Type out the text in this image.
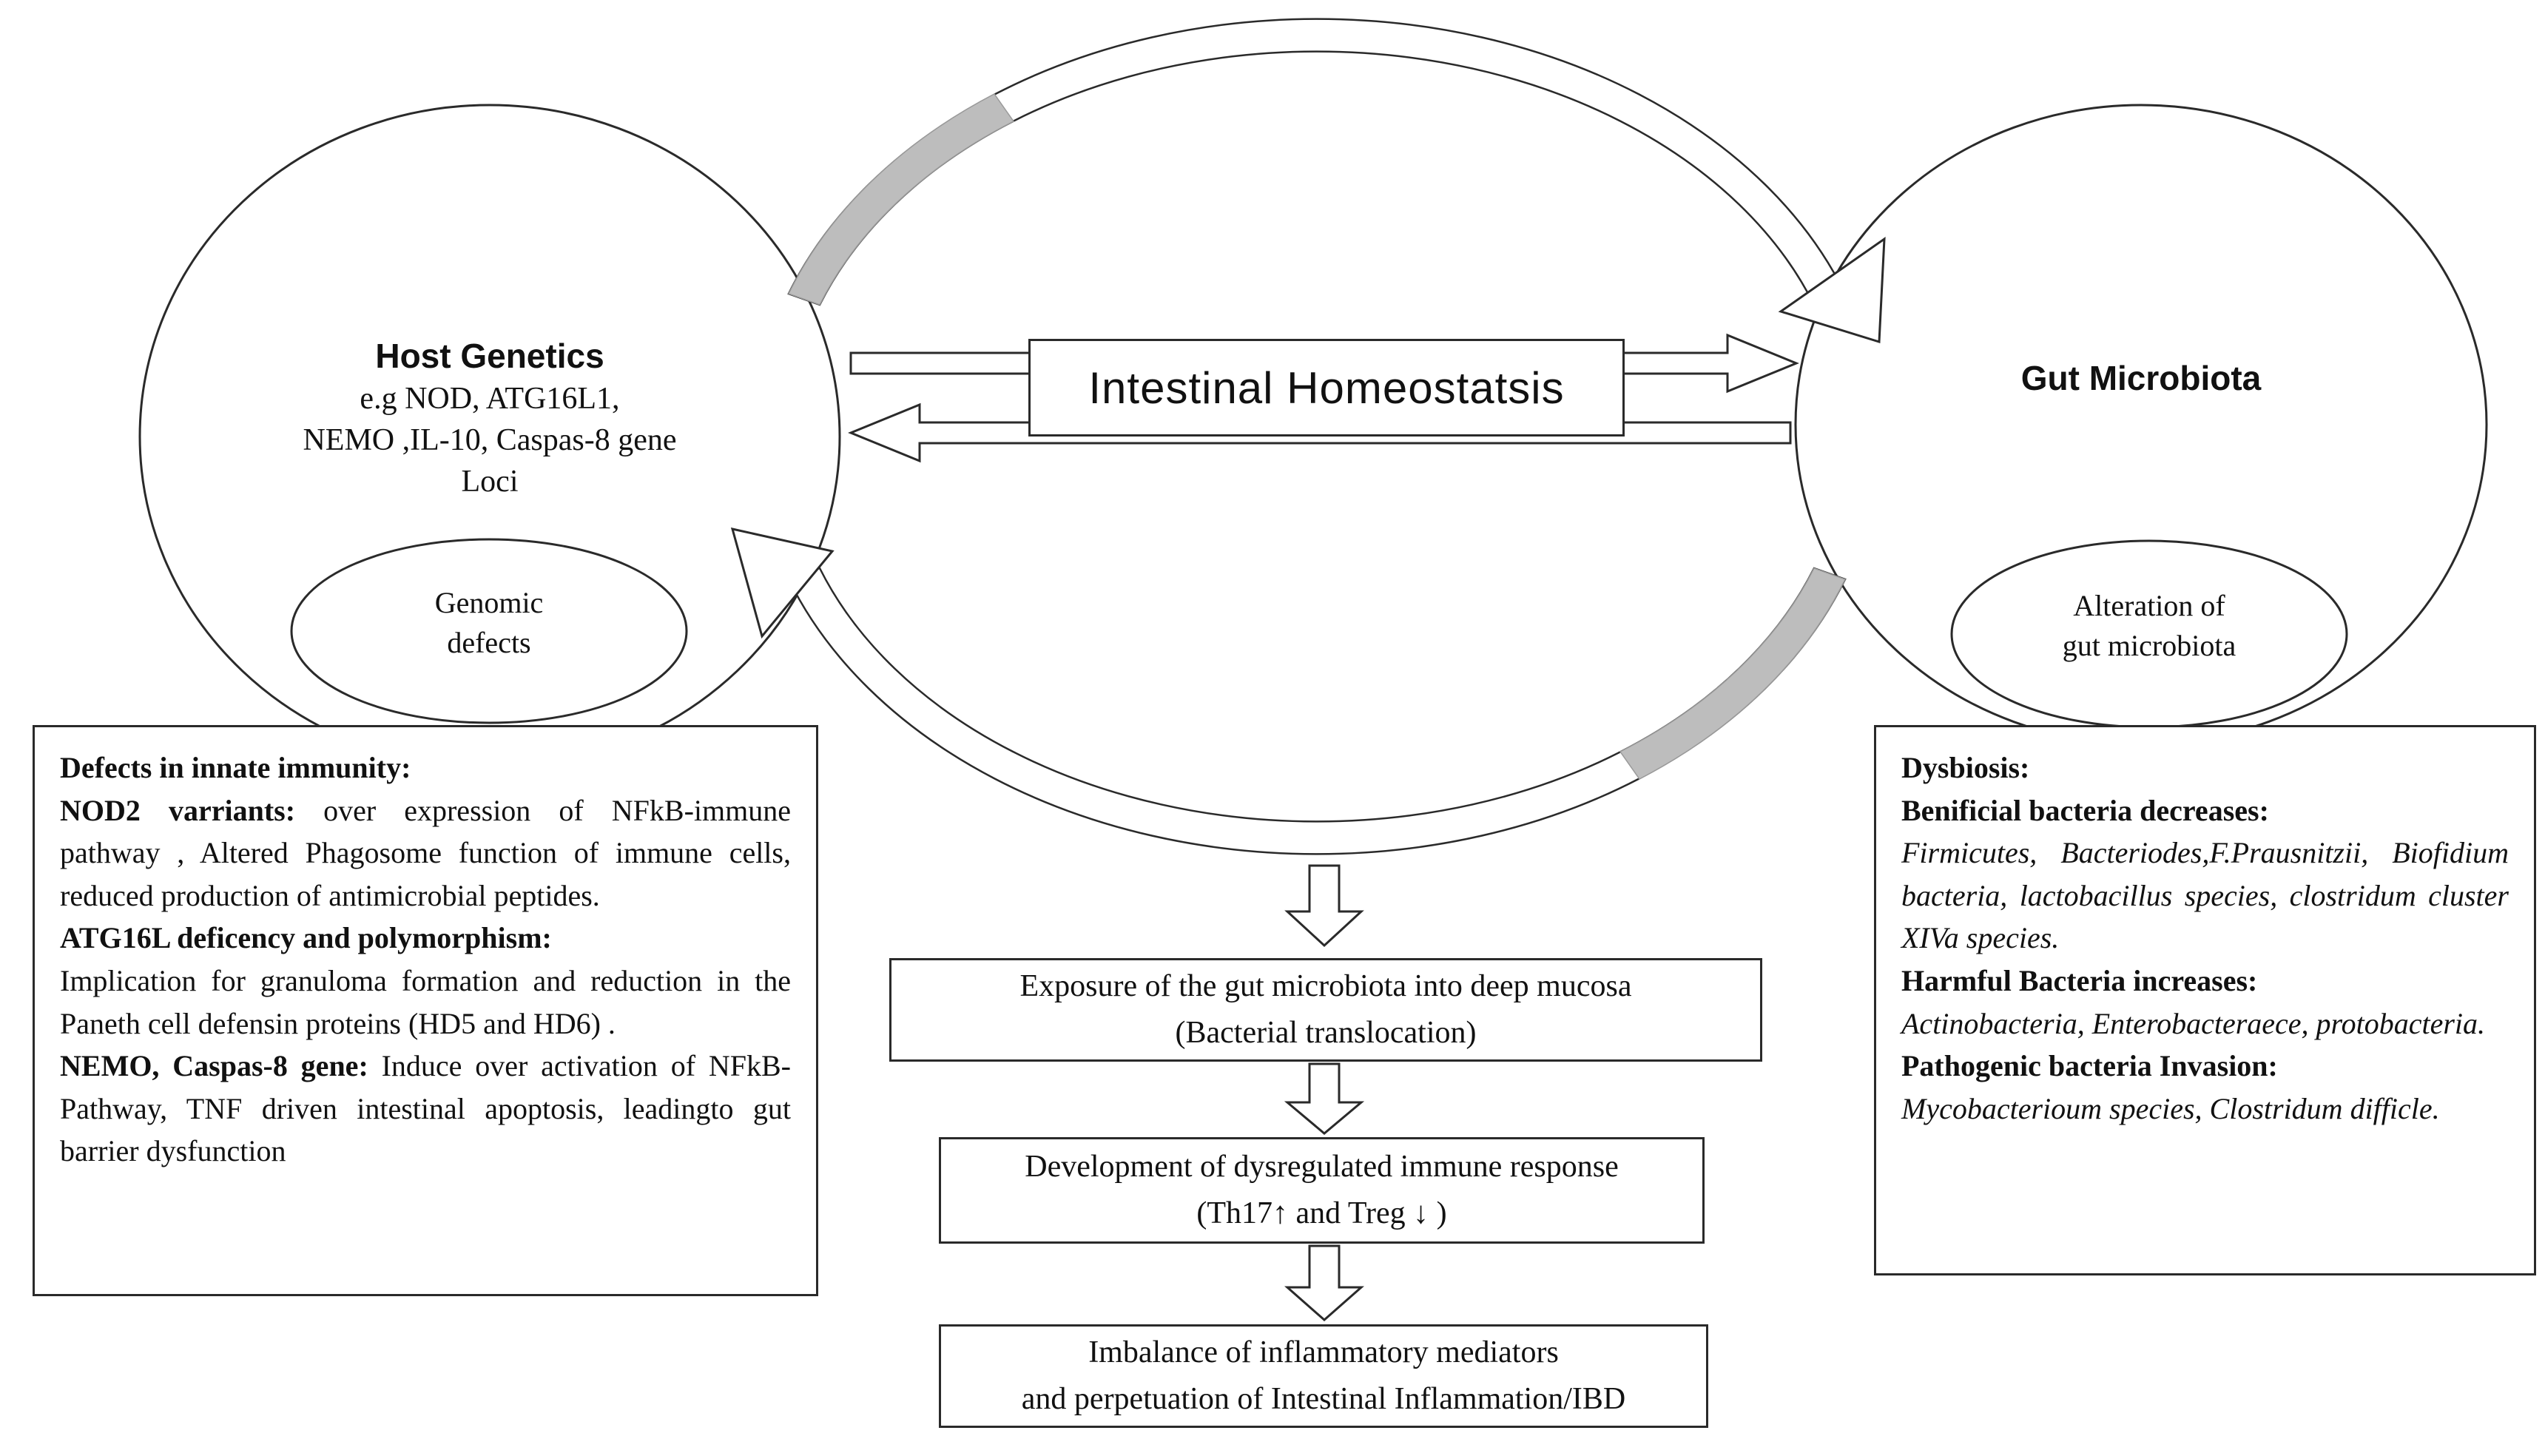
Host Genetics
e.g NOD, ATG16L1,
NEMO ,IL-10, Caspas-8 gene
Loci
Genomic
defects
Gut Microbiota
Alteration of
gut microbiota
Intestinal Homeostatsis

Defects in innate immunity:

NOD2 varriants: over expression of NFkB-immune pathway , Altered Phagosome function of immune cells, reduced production of antimicrobial peptides.

ATG16L deficency and polymorphism:
Implication for granuloma formation and reduction in the Paneth cell defensin proteins (HD5 and HD6) .

NEMO, Caspas-8 gene: Induce over activation of NFkB-Pathway, TNF driven intestinal apoptosis, leadingto gut barrier dysfunction

Dysbiosis:

Benificial bacteria decreases:
Firmicutes, Bacteriodes,F.Prausnitzii, Biofidium bacteria, lactobacillus species, clostridum cluster XIVa species.

Harmful Bacteria increases:
Actinobacteria, Enterobacteraece, protobacteria.

Pathogenic bacteria Invasion:
Mycobacterioum species, Clostridum difficle.

Exposure of the gut microbiota into deep mucosa
(Bacterial translocation)
Development of dysregulated immune response
(Th17↑ and Treg ↓ )
Imbalance of inflammatory mediators
and perpetuation of Intestinal Inflammation/IBD
